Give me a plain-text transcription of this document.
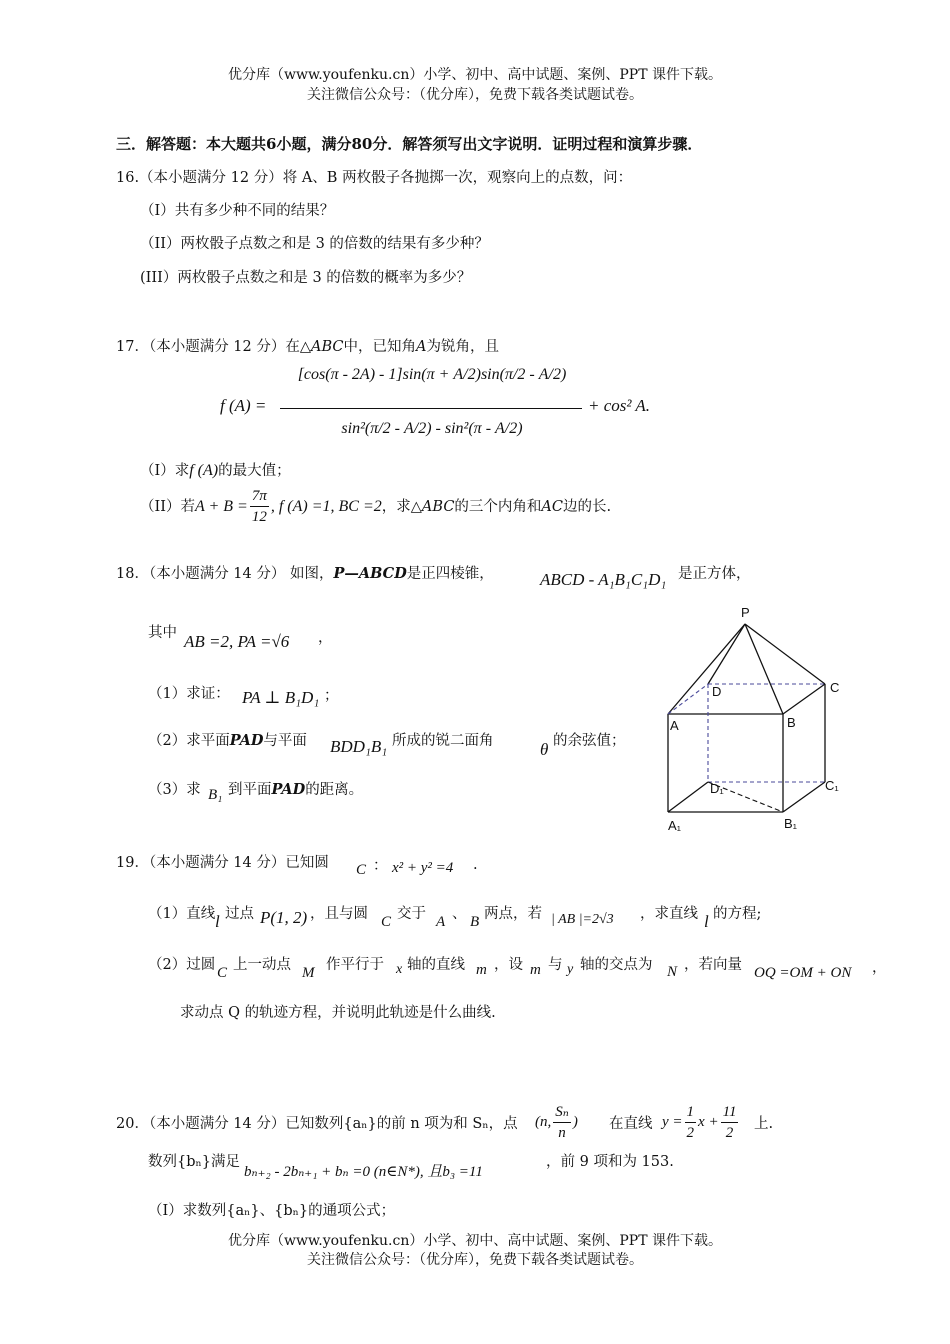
优分库（www.youfenku.cn）小学、初中、高中试题、案例、PPT 课件下载。
关注微信公众号：（优分库），免费下载各类试题试卷。
三．解答题：本大题共6小题，满分80分．解答须写出文字说明．证明过程和演算步骤．
16.（本小题满分 12 分）将 A、B 两枚骰子各抛掷一次，观察向上的点数，问：
（I）共有多少种不同的结果？
（II）两枚骰子点数之和是 3 的倍数的结果有多少种？
(III）两枚骰子点数之和是 3 的倍数的概率为多少？
17．（本小题满分 12 分）在△ABC中，已知角A为锐角，且
f (A) =
[cos(π - 2A) - 1]sin(π + A/2)sin(π/2 - A/2)
sin²(π/2 - A/2) - sin²(π - A/2)
+ cos² A.
（I）求f (A)的最大值；
（II）若 $A + B = \frac{7\pi}{12}$ , f (A) =1, BC =2 ，求△ ABC 的三个内角和 AC 边的长.
18．（本小题满分 14 分） 如图，P—ABCD是正四棱锥，	ABCD - A₁B₁C₁D₁ 是正方体，
其中 AB =2, PA =√6 ，
（1）求证： PA ⊥ B₁D₁ ；
（2）求平面PAD与平面 BDD₁B₁ 所成的锐二面角	θ 的余弦值；
（3）求 B₁ 到平面PAD的距离。
P
A	B
C
D
A₁	B₁
C₁
D₁
19．（本小题满分 14 分）已知圆 C ： x² + y² =4 .
（1）直线 l 过点 P(1, 2) ，且与圆 C 交于 A 、 B 两点，若 | AB |=2√3 ，求直线 l 的方程;
（2）过圆 C 上一动点 M 作平行于 x 轴的直线 m ，设 m 与 y 轴的交点为 N ，若向量 OQ =OM + ON ，
求动点 Q 的轨迹方程，并说明此轨迹是什么曲线.
20．（本小题满分 14 分）已知数列{aₙ}的前 n 项为和 Sₙ，点 (n, $\frac{\text{Sₙ}}{n}$ ) 在直线 $y = \frac{1}{2}$ $x + \frac{11}{2}$ 上.
数列{bₙ}满足
bₙ₊₂ - 2bₙ₊₁ + bₙ =0 (n∈N*), 且b₃ =11
，前 9 项和为 153.
（Ⅰ）求数列{aₙ}、{bₙ}的通项公式；
优分库（www.youfenku.cn）小学、初中、高中试题、案例、PPT 课件下载。
关注微信公众号：（优分库），免费下载各类试题试卷。
